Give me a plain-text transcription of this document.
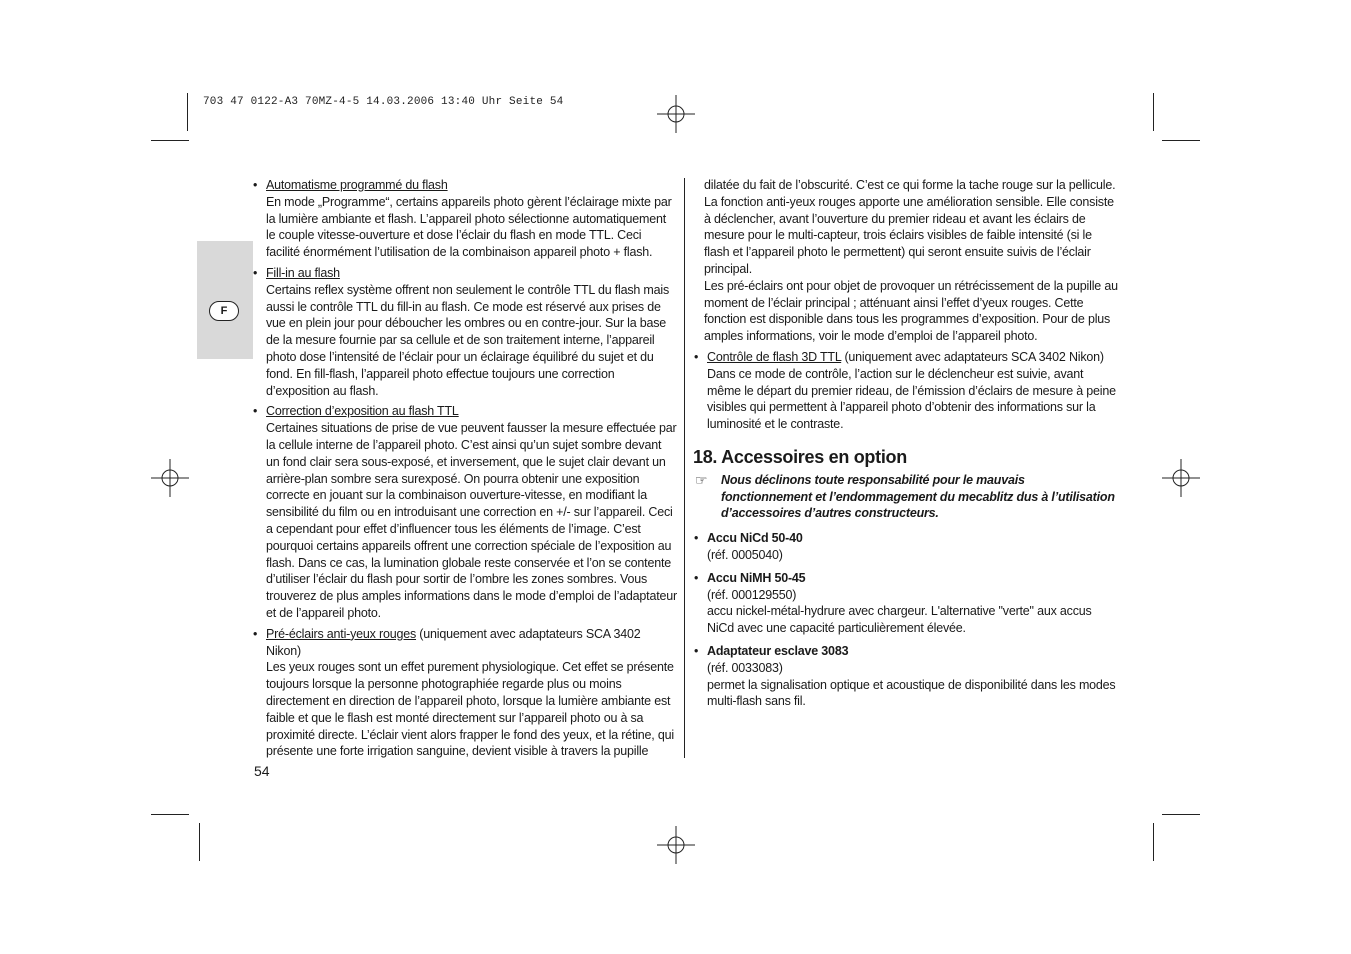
703 47 0122-A3 70MZ-4-5 14.03.2006 13:40 Uhr Seite 54
F
• Automatisme programmé du flash

En mode „Programme“, certains appareils photo gèrent l’éclairage mixte par la lumière ambiante et flash. L’appareil photo sélectionne automatiquement le couple vitesse-ouverture et dose l’éclair du flash en mode TTL. Ceci facilité énormément l’utilisation de la combinaison appareil photo + flash.

• Fill-in au flash

Certains reflex système offrent non seulement le contrôle TTL du flash mais aussi le contrôle TTL du fill-in au flash. Ce mode est réservé aux prises de vue en plein jour pour déboucher les ombres ou en contre-jour. Sur la base de la mesure fournie par sa cellule et de son traitement interne, l’appareil photo dose l’intensité de l’éclair pour un éclairage équilibré du sujet et du fond. En fill-flash, l’appareil photo effectue toujours une correction d’exposition au flash.

• Correction d’exposition au flash TTL

Certaines situations de prise de vue peuvent fausser la mesure effectuée par la cellule interne de l’appareil photo. C’est ainsi qu’un sujet sombre devant un fond clair sera sous-exposé, et inversement, que le sujet clair devant un arrière-plan sombre sera surexposé. On pourra obtenir une exposition correcte en jouant sur la combinaison ouverture-vitesse, en modifiant la sensibilité du film ou en introduisant une correction en +/- sur l’appareil. Ceci a cependant pour effet d’influencer tous les éléments de l’image. C’est pourquoi certains appareils offrent une correction spéciale de l’exposition au flash. Dans ce cas, la lumination globale reste conservée et l’on se contente d’utiliser l’éclair du flash pour sortir de l’ombre les zones sombres. Vous trouverez de plus amples informations dans le mode d’emploi de l’adaptateur et de l’appareil photo.

• Pré-éclairs anti-yeux rouges (uniquement avec adaptateurs SCA 3402 Nikon)

Les yeux rouges sont un effet purement physiologique. Cet effet se présente toujours lorsque la personne photographiée regarde plus ou moins directement en direction de l’appareil photo, lorsque la lumière ambiante est faible et que le flash est monté directement sur l’appareil photo ou à sa proximité directe. L’éclair vient alors frapper le fond des yeux, et la rétine, qui présente une forte irrigation sanguine, devient visible à travers la pupille

dilatée du fait de l’obscurité. C’est ce qui forme la tache rouge sur la pellicule.

La fonction anti-yeux rouges apporte une amélioration sensible. Elle consiste à déclencher, avant l’ouverture du premier rideau et avant les éclairs de mesure pour le multi-capteur, trois éclairs visibles de faible intensité (si le flash et l’appareil photo le permettent) qui seront ensuite suivis de l’éclair principal.

Les pré-éclairs ont pour objet de provoquer un rétrécissement de la pupille au moment de l’éclair principal ; atténuant ainsi l’effet d’yeux rouges. Cette fonction est disponible dans tous les programmes d’exposition. Pour de plus amples informations, voir le mode d’emploi de l’appareil photo.

• Contrôle de flash 3D TTL (uniquement avec adaptateurs SCA 3402 Nikon)

Dans ce mode de contrôle, l’action sur le déclencheur est suivie, avant même le départ du premier rideau, de l’émission d’éclairs de mesure à peine visibles qui permettent à l’appareil photo d’obtenir des informations sur la luminosité et le contraste.

18. Accessoires en option
☞ Nous déclinons toute responsabilité pour le mauvais fonctionnement et l’endommagement du mecablitz dus à l’utilisation d’accessoires d’autres constructeurs.
• Accu NiCd 50-40

(réf. 0005040)

• Accu NiMH 50-45

(réf. 000129550)

accu nickel-métal-hydrure avec chargeur. L'alternative "verte" aux accus NiCd avec une capacité particulièrement élevée.

• Adaptateur esclave 3083

(réf. 0033083)

permet la signalisation optique et acoustique de disponibilité dans les modes multi-flash sans fil.

54
